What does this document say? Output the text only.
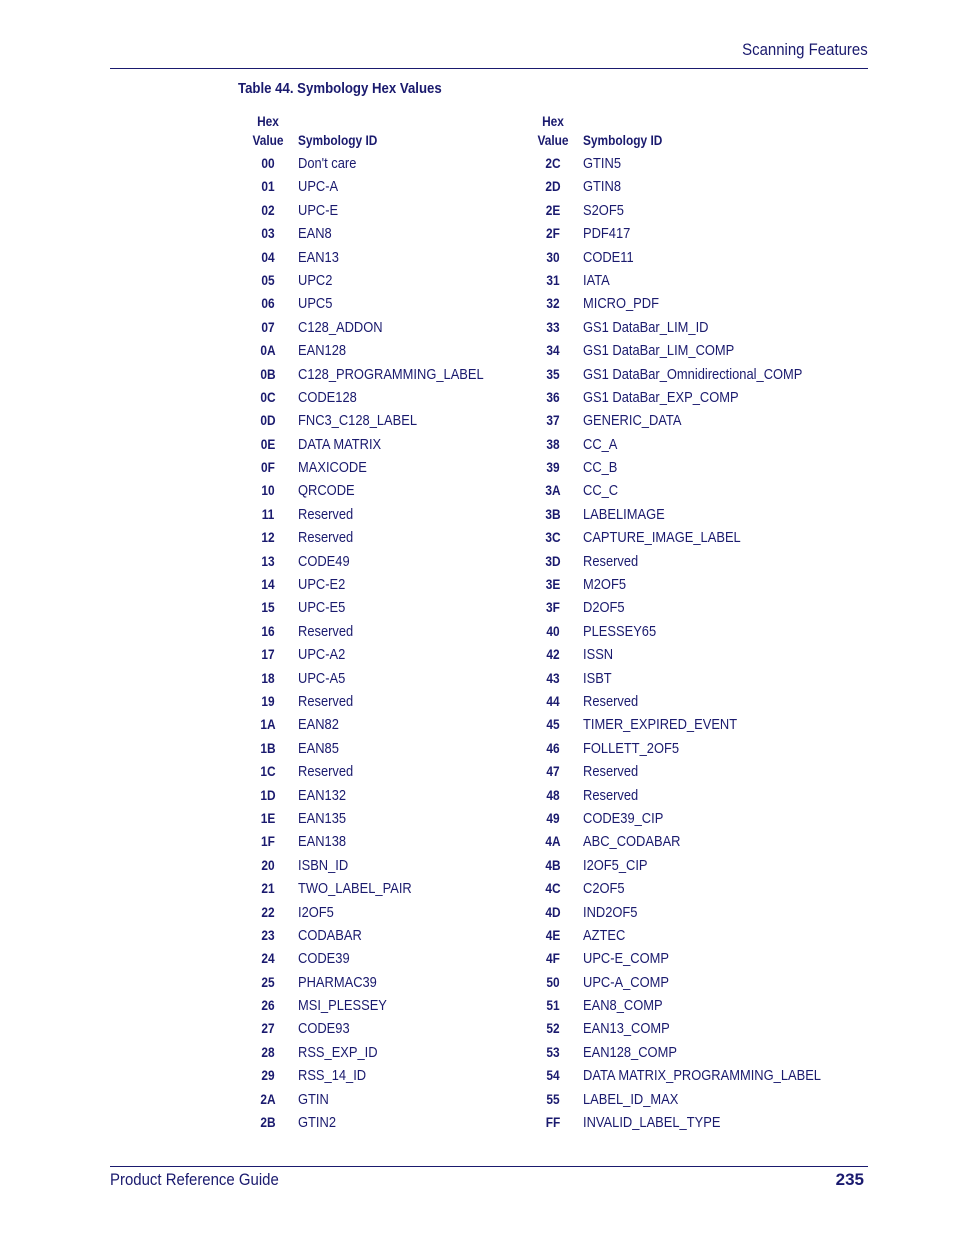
Scanning Features
Table 44. Symbology Hex Values
Hex
Value	Symbology ID
00	Don't care
01	UPC-A
02	UPC-E
03	EAN8
04	EAN13
05	UPC2
06	UPC5
07	C128_ADDON
0A	EAN128
0B	C128_PROGRAMMING_LABEL
0C	CODE128
0D	FNC3_C128_LABEL
0E	DATA MATRIX
0F	MAXICODE
10	QRCODE
11	Reserved
12	Reserved
13	CODE49
14	UPC-E2
15	UPC-E5
16	Reserved
17	UPC-A2
18	UPC-A5
19	Reserved
1A	EAN82
1B	EAN85
1C	Reserved
1D	EAN132
1E	EAN135
1F	EAN138
20	ISBN_ID
21	TWO_LABEL_PAIR
22	I2OF5
23	CODABAR
24	CODE39
25	PHARMAC39
26	MSI_PLESSEY
27	CODE93
28	RSS_EXP_ID
29	RSS_14_ID
2A	GTIN
2B	GTIN2
Hex
Value	Symbology ID
2C	GTIN5
2D	GTIN8
2E	S2OF5
2F	PDF417
30	CODE11
31	IATA
32	MICRO_PDF
33	GS1 DataBar_LIM_ID
34	GS1 DataBar_LIM_COMP
35	GS1 DataBar_Omnidirectional_COMP
36	GS1 DataBar_EXP_COMP
37	GENERIC_DATA
38	CC_A
39	CC_B
3A	CC_C
3B	LABELIMAGE
3C	CAPTURE_IMAGE_LABEL
3D	Reserved
3E	M2OF5
3F	D2OF5
40	PLESSEY65
42	ISSN
43	ISBT
44	Reserved
45	TIMER_EXPIRED_EVENT
46	FOLLETT_2OF5
47	Reserved
48	Reserved
49	CODE39_CIP
4A	ABC_CODABAR
4B	I2OF5_CIP
4C	C2OF5
4D	IND2OF5
4E	AZTEC
4F	UPC-E_COMP
50	UPC-A_COMP
51	EAN8_COMP
52	EAN13_COMP
53	EAN128_COMP
54	DATA MATRIX_PROGRAMMING_LABEL
55	LABEL_ID_MAX
FF	INVALID_LABEL_TYPE
Product Reference Guide	235
